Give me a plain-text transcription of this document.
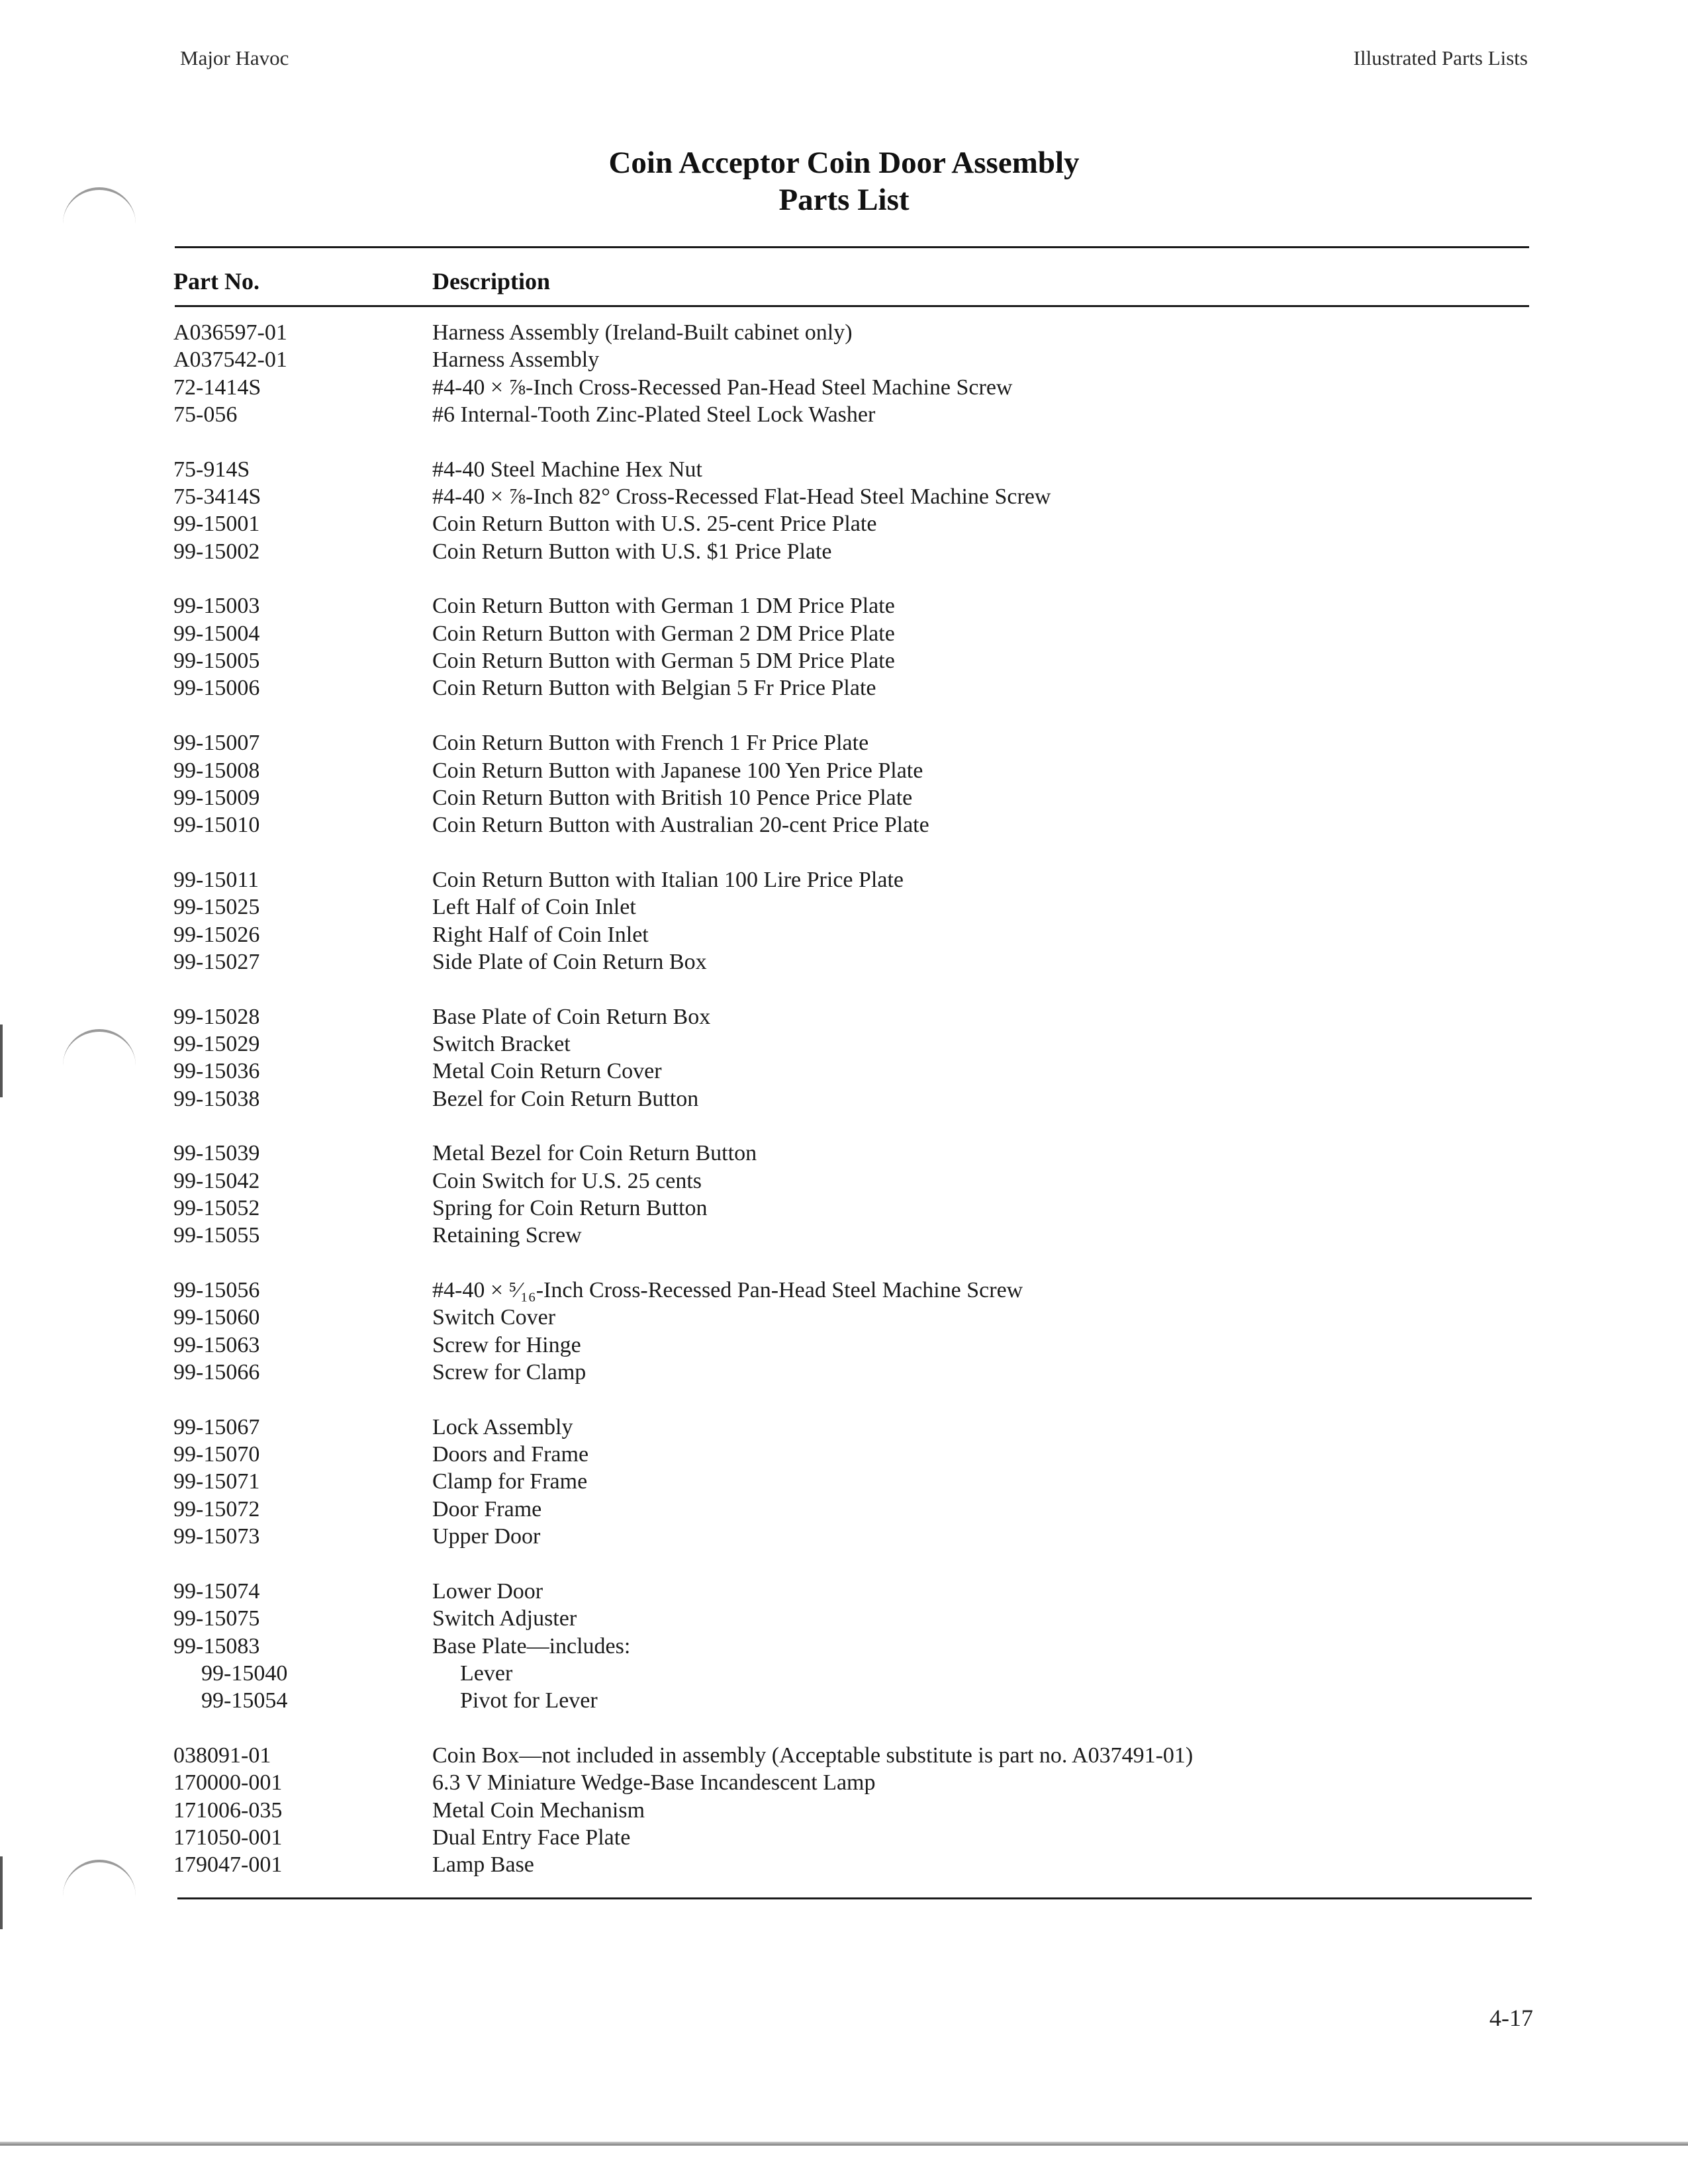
Major Havoc	Illustrated Parts Lists
Coin Acceptor Coin Door Assembly
Parts List
Part No.	Description
A036597-01	Harness Assembly (Ireland-Built cabinet only)
A037542-01	Harness Assembly
72-1414S	#4-40 × ⅞-Inch Cross-Recessed Pan-Head Steel Machine Screw
75-056	#6 Internal-Tooth Zinc-Plated Steel Lock Washer
75-914S	#4-40 Steel Machine Hex Nut
75-3414S	#4-40 × ⅞-Inch 82° Cross-Recessed Flat-Head Steel Machine Screw
99-15001	Coin Return Button with U.S. 25-cent Price Plate
99-15002	Coin Return Button with U.S. $1 Price Plate
99-15003	Coin Return Button with German 1 DM Price Plate
99-15004	Coin Return Button with German 2 DM Price Plate
99-15005	Coin Return Button with German 5 DM Price Plate
99-15006	Coin Return Button with Belgian 5 Fr Price Plate
99-15007	Coin Return Button with French 1 Fr Price Plate
99-15008	Coin Return Button with Japanese 100 Yen Price Plate
99-15009	Coin Return Button with British 10 Pence Price Plate
99-15010	Coin Return Button with Australian 20-cent Price Plate
99-15011	Coin Return Button with Italian 100 Lire Price Plate
99-15025	Left Half of Coin Inlet
99-15026	Right Half of Coin Inlet
99-15027	Side Plate of Coin Return Box
99-15028	Base Plate of Coin Return Box
99-15029	Switch Bracket
99-15036	Metal Coin Return Cover
99-15038	Bezel for Coin Return Button
99-15039	Metal Bezel for Coin Return Button
99-15042	Coin Switch for U.S. 25 cents
99-15052	Spring for Coin Return Button
99-15055	Retaining Screw
99-15056	#4-40 × ⁵⁄₁₆-Inch Cross-Recessed Pan-Head Steel Machine Screw
99-15060	Switch Cover
99-15063	Screw for Hinge
99-15066	Screw for Clamp
99-15067	Lock Assembly
99-15070	Doors and Frame
99-15071	Clamp for Frame
99-15072	Door Frame
99-15073	Upper Door
99-15074	Lower Door
99-15075	Switch Adjuster
99-15083	Base Plate—includes:
99-15040	Lever
99-15054	Pivot for Lever
038091-01	Coin Box—not included in assembly (Acceptable substitute is part no. A037491-01)
170000-001	6.3 V Miniature Wedge-Base Incandescent Lamp
171006-035	Metal Coin Mechanism
171050-001	Dual Entry Face Plate
179047-001	Lamp Base
4-17
